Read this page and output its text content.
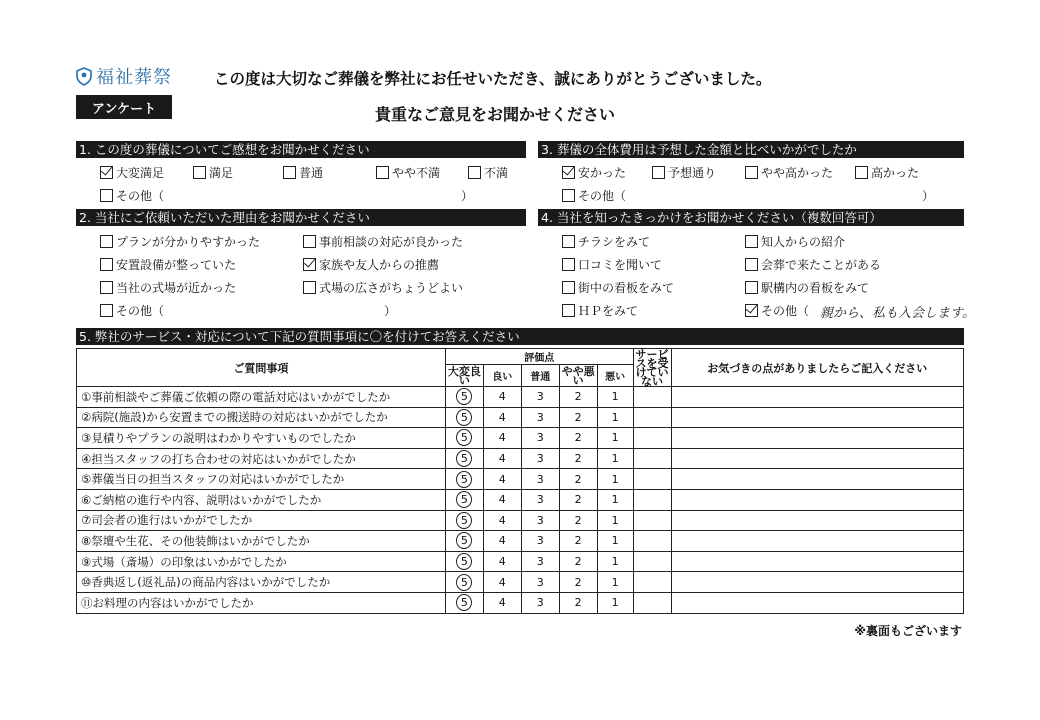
福祉葬祭	この度は大切なご葬儀を弊社にお任せいただき、誠にありがとうございました。
アンケート	貴重なご意見をお聞かせください
1. この度の葬儀についてご感想をお聞かせください
2. 当社にご依頼いただいた理由をお聞かせください
3. 葬儀の全体費用は予想した金額と比べいかがでしたか
4. 当社を知ったきっかけをお聞かせください（複数回答可）
5. 弊社のサービス・対応について下記の質問事項に〇を付けてお答えください
ご質問事項	評価点					サービスを受けていない	お気づきの点がありましたらご記入ください
	大変良い	良い	普通	やや悪い	悪い		
①事前相談やご葬儀ご依頼の際の電話対応はいかがでしたか	5	4	3	2	1		
②病院(施設)から安置までの搬送時の対応はいかがでしたか	5	4	3	2	1		
③見積りやプランの説明はわかりやすいものでしたか	5	4	3	2	1		
④担当スタッフの打ち合わせの対応はいかがでしたか	5	4	3	2	1		
⑤葬儀当日の担当スタッフの対応はいかがでしたか	5	4	3	2	1		
⑥ご納棺の進行や内容、説明はいかがでしたか	5	4	3	2	1		
⑦司会者の進行はいかがでしたか	5	4	3	2	1		
⑧祭壇や生花、その他装飾はいかがでしたか	5	4	3	2	1		
⑨式場（斎場）の印象はいかがでしたか	5	4	3	2	1		
⑩香典返し(返礼品)の商品内容はいかがでしたか	5	4	3	2	1		
⑪お料理の内容はいかがでしたか	5	4	3	2	1		
※裏面もございます
大変満足	満足	普通	やや不満	不満
その他（	）
プランが分かりやすかった	事前相談の対応が良かった
安置設備が整っていた	家族や友人からの推薦
当社の式場が近かった	式場の広さがちょうどよい
その他（	）
安かった	予想通り	やや高かった	高かった
その他（	）
チラシをみて	知人からの紹介
口コミを聞いて	会葬で来たことがある
街中の看板をみて	駅構内の看板をみて
ＨＰをみて	その他（ 親から、私も入会します。
